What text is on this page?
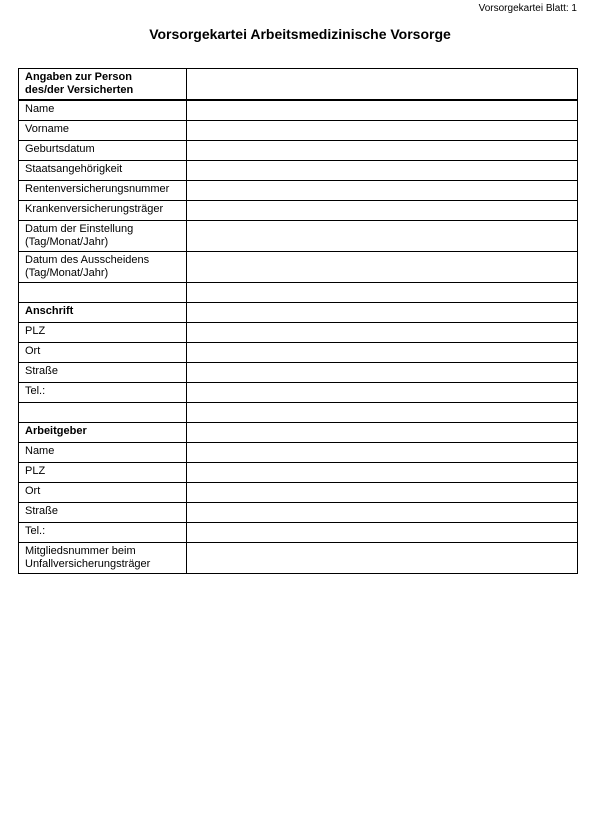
Vorsorgekartei Blatt: 1
Vorsorgekartei Arbeitsmedizinische Vorsorge
Angaben zur Person
des/der Versicherten	
Name	
Vorname	
Geburtsdatum	
Staatsangehörigkeit	
Rentenversicherungsnummer	
Krankenversicherungsträger	
Datum der Einstellung
(Tag/Monat/Jahr)	
Datum des Ausscheidens
(Tag/Monat/Jahr)	

Anschrift	
PLZ	
Ort	
Straße	
Tel.:	

Arbeitgeber	
Name	
PLZ	
Ort	
Straße	
Tel.:	
Mitgliedsnummer beim
Unfallversicherungsträger	
